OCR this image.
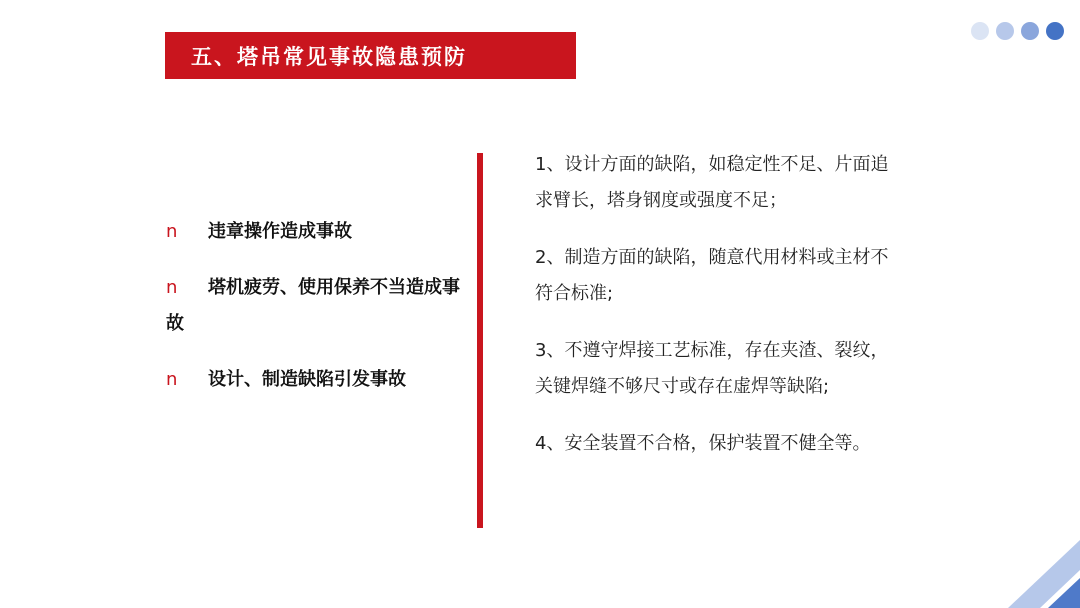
五、塔吊常见事故隐患预防
n 违章操作造成事故
n 塔机疲劳、使用保养不当造成事故
n 设计、制造缺陷引发事故
1、设计方面的缺陷，如稳定性不足、片面追求臂长，塔身钢度或强度不足；
2、制造方面的缺陷，随意代用材料或主材不符合标准;
3、不遵守焊接工艺标准，存在夹渣、裂纹，关键焊缝不够尺寸或存在虚焊等缺陷;
4、安全装置不合格，保护装置不健全等。
